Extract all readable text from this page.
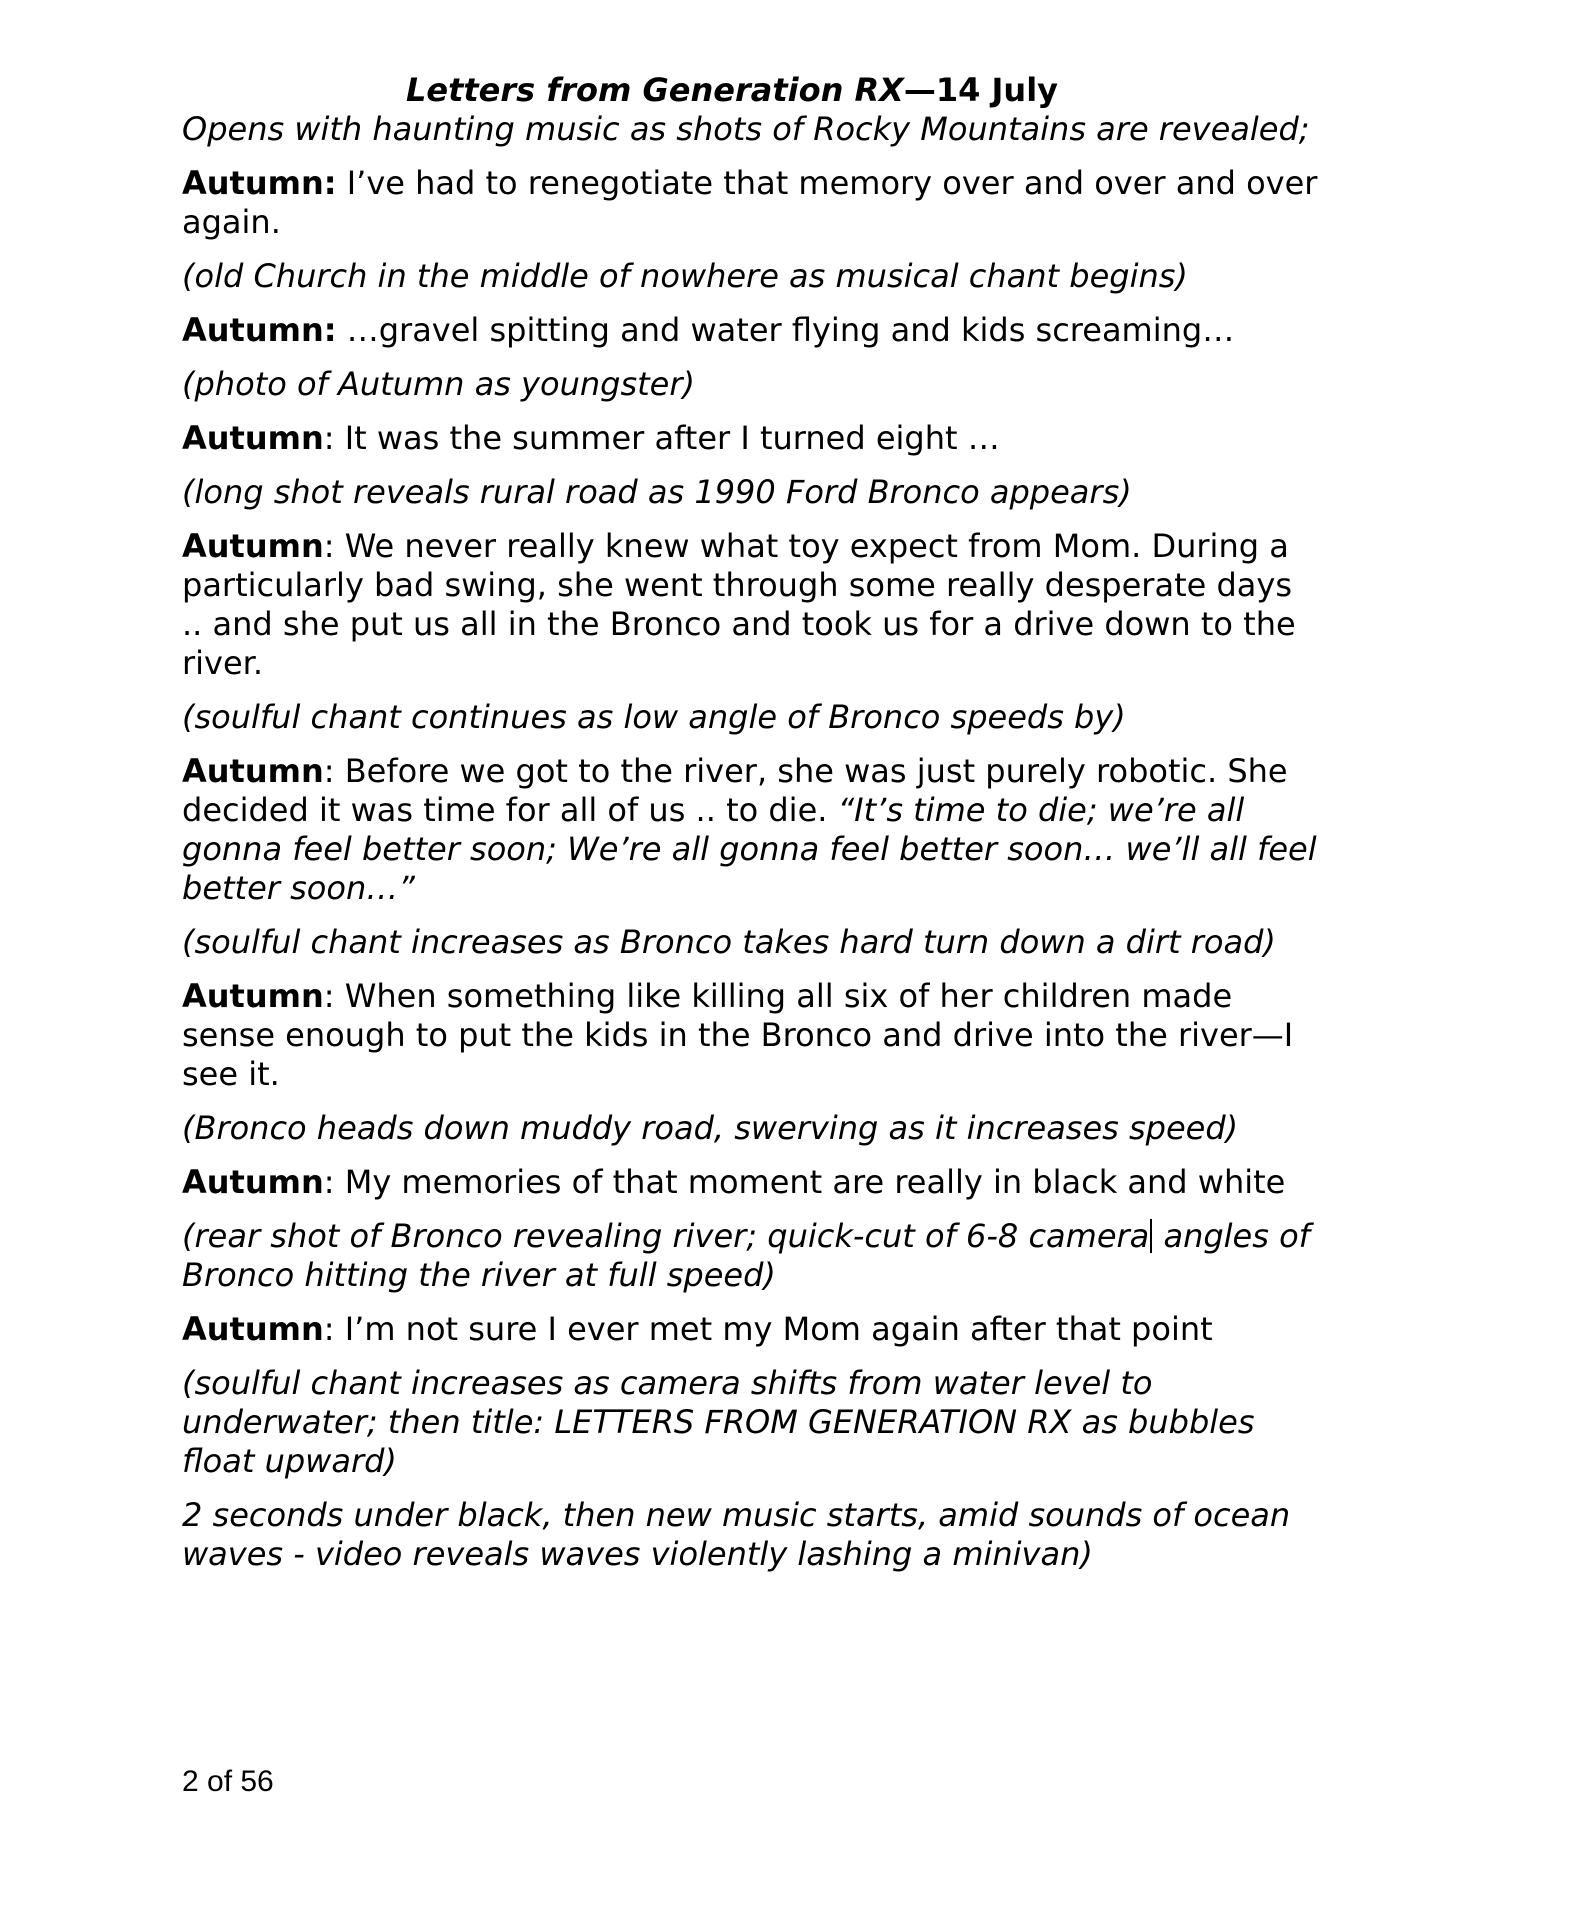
Letters from Generation RX—14 July

Opens with haunting music as shots of Rocky Mountains are revealed;

Autumn: I’ve had to renegotiate that memory over and over and over again.

(old Church in the middle of nowhere as musical chant begins)

Autumn: …gravel spitting and water flying and kids screaming…

(photo of Autumn as youngster)

Autumn: It was the summer after I turned eight …

(long shot reveals rural road as 1990 Ford Bronco appears)

Autumn: We never really knew what toy expect from Mom. During a particularly bad swing, she went through some really desperate days .. and she put us all in the Bronco and took us for a drive down to the river.

(soulful chant continues as low angle of Bronco speeds by)

Autumn: Before we got to the river, she was just purely robotic. She decided it was time for all of us .. to die. “It’s time to die; we’re all gonna feel better soon; We’re all gonna feel better soon… we’ll all feel better soon…”

(soulful chant increases as Bronco takes hard turn down a dirt road)

Autumn: When something like killing all six of her children made sense enough to put the kids in the Bronco and drive into the river—I see it.

(Bronco heads down muddy road, swerving as it increases speed)

Autumn: My memories of that moment are really in black and white

(rear shot of Bronco revealing river; quick-cut of 6-8 camera angles of Bronco hitting the river at full speed)

Autumn: I’m not sure I ever met my Mom again after that point

(soulful chant increases as camera shifts from water level to underwater; then title: LETTERS FROM GENERATION RX as bubbles float upward)

2 seconds under black, then new music starts, amid sounds of ocean waves - video reveals waves violently lashing a minivan)

2 of 56
